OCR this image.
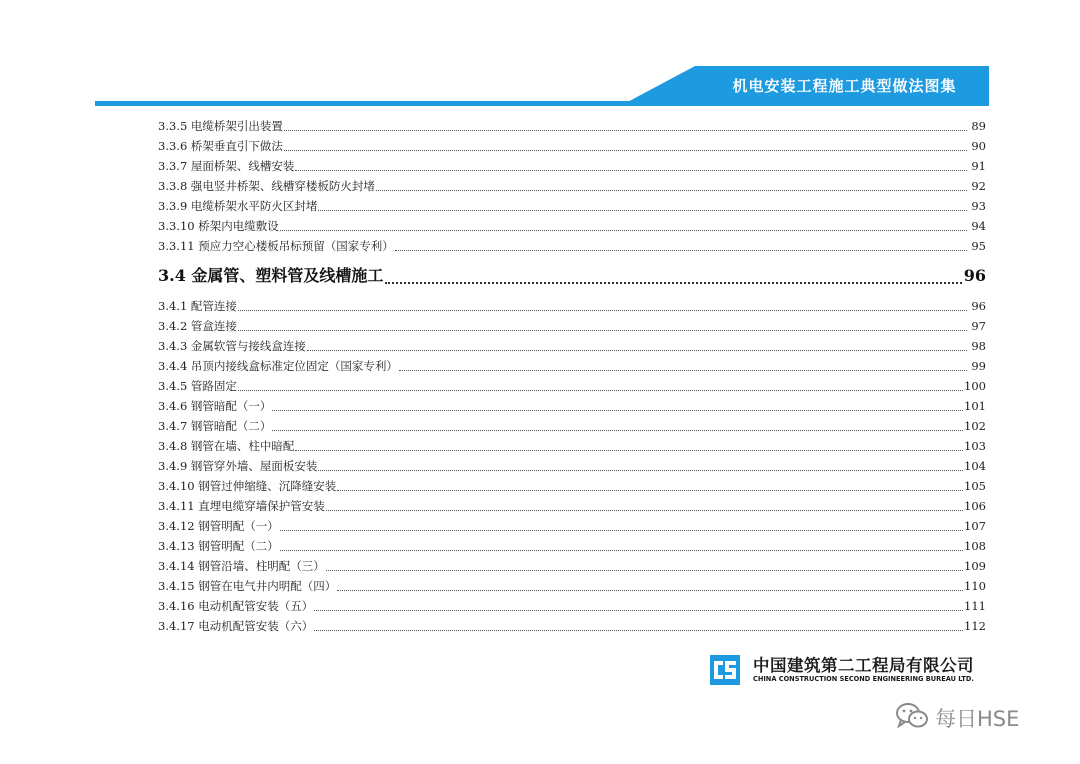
机电安装工程施工典型做法图集
3.3.5 电缆桥架引出装置	89
3.3.6 桥架垂直引下做法	90
3.3.7 屋面桥架、线槽安装	91
3.3.8 强电竖井桥架、线槽穿楼板防火封堵	92
3.3.9 电缆桥架水平防火区封堵	93
3.3.10 桥架内电缆敷设	94
3.3.11 预应力空心楼板吊标预留（国家专利）	95
3.4 金属管、塑料管及线槽施工	96
3.4.1 配管连接	96
3.4.2 管盒连接	97
3.4.3 金属软管与接线盒连接	98
3.4.4 吊顶内接线盒标准定位固定（国家专利）	99
3.4.5 管路固定	100
3.4.6 钢管暗配（一）	101
3.4.7 钢管暗配（二）	102
3.4.8 钢管在墙、柱中暗配	103
3.4.9 钢管穿外墙、屋面板安装	104
3.4.10 钢管过伸缩缝、沉降缝安装	105
3.4.11 直埋电缆穿墙保护管安装	106
3.4.12 钢管明配（一）	107
3.4.13 钢管明配（二）	108
3.4.14 钢管沿墙、柱明配（三）	109
3.4.15 钢管在电气井内明配（四）	110
3.4.16 电动机配管安装（五）	111
3.4.17 电动机配管安装（六）	112
中国建筑第二工程局有限公司
CHINA CONSTRUCTION SECOND ENGINEERING BUREAU LTD.
每日HSE
